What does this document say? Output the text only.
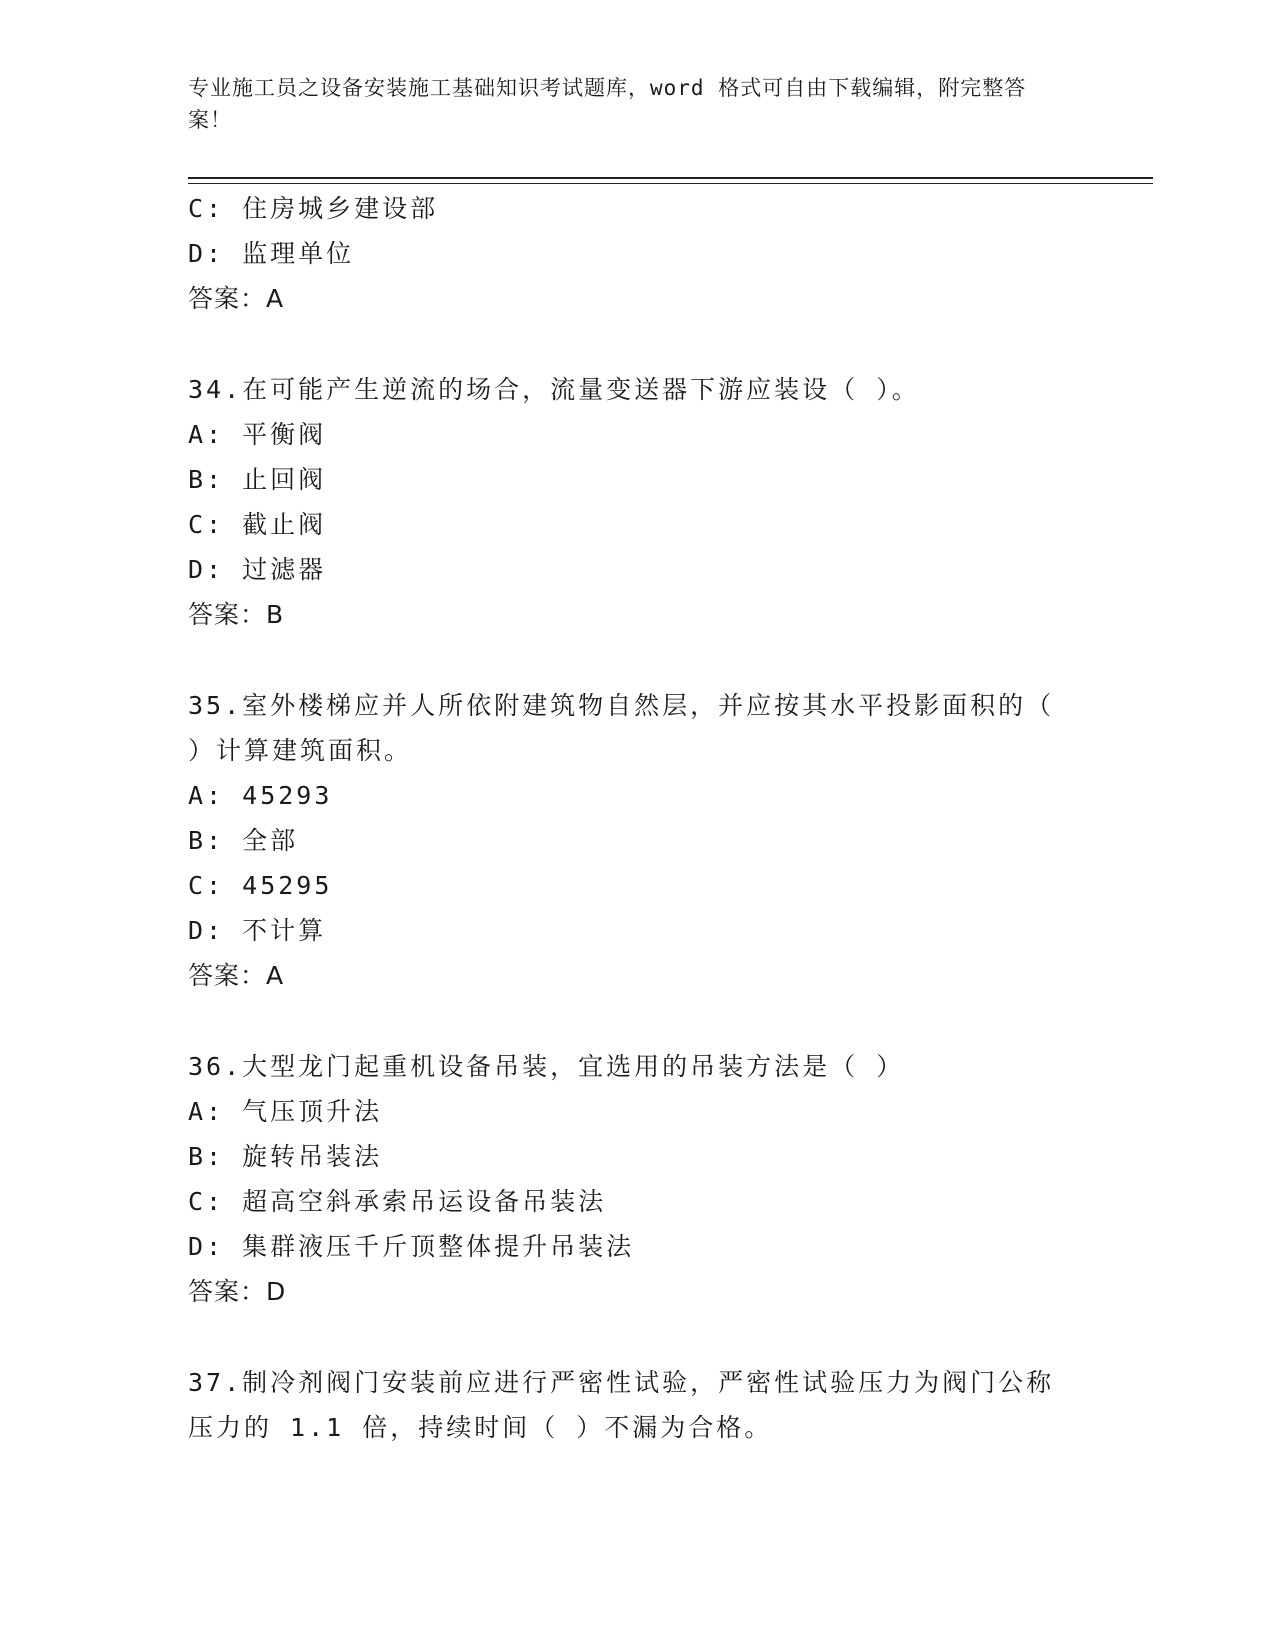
专业施工员之设备安装施工基础知识考试题库，word 格式可自由下载编辑，附完整答案！
C: 住房城乡建设部
D: 监理单位
答案：A
34.在可能产生逆流的场合，流量变送器下游应装设（ ）。
A: 平衡阀
B: 止回阀
C: 截止阀
D: 过滤器
答案：B
35.室外楼梯应并人所依附建筑物自然层，并应按其水平投影面积的（
）计算建筑面积。
A: 45293
B: 全部
C: 45295
D: 不计算
答案：A
36.大型龙门起重机设备吊装，宜选用的吊装方法是（ ）
A: 气压顶升法
B: 旋转吊装法
C: 超高空斜承索吊运设备吊装法
D: 集群液压千斤顶整体提升吊装法
答案：D
37.制冷剂阀门安装前应进行严密性试验，严密性试验压力为阀门公称
压力的 1.1 倍，持续时间（ ）不漏为合格。
